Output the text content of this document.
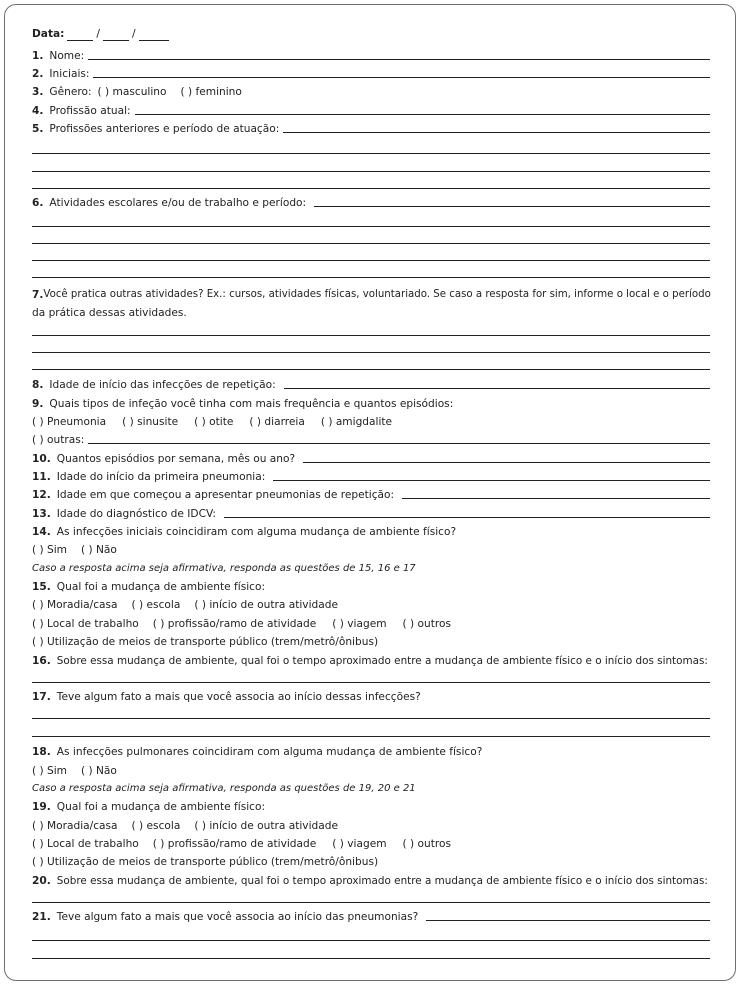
Data:	/	/
1. Nome:
2. Iniciais:
3. Gênero: ( ) masculino ( ) feminino
4. Profissão atual:
5. Profissões anteriores e período de atuação:
6. Atividades escolares e/ou de trabalho e período:
7. Você pratica outras atividades? Ex.: cursos, atividades físicas, voluntariado. Se caso a resposta for sim, informe o local e o período
da prática dessas atividades.
8. Idade de início das infecções de repetição:
9. Quais tipos de infeção você tinha com mais frequência e quantos episódios:
( ) Pneumonia ( ) sinusite ( ) otite ( ) diarreia ( ) amigdalite
( ) outras:
10. Quantos episódios por semana, mês ou ano?
11. Idade do início da primeira pneumonia:
12. Idade em que começou a apresentar pneumonias de repetição:
13. Idade do diagnóstico de IDCV:
14. As infecções iniciais coincidiram com alguma mudança de ambiente físico?
( ) Sim ( ) Não
Caso a resposta acima seja afirmativa, responda as questões de 15, 16 e 17
15. Qual foi a mudança de ambiente físico:
( ) Moradia/casa ( ) escola ( ) início de outra atividade
( ) Local de trabalho ( ) profissão/ramo de atividade ( ) viagem ( ) outros
( ) Utilização de meios de transporte público (trem/metrô/ônibus)
16. Sobre essa mudança de ambiente, qual foi o tempo aproximado entre a mudança de ambiente físico e o início dos sintomas:
17. Teve algum fato a mais que você associa ao início dessas infecções?
18. As infecções pulmonares coincidiram com alguma mudança de ambiente físico?
( ) Sim ( ) Não
Caso a resposta acima seja afirmativa, responda as questões de 19, 20 e 21
19. Qual foi a mudança de ambiente físico:
( ) Moradia/casa ( ) escola ( ) início de outra atividade
( ) Local de trabalho ( ) profissão/ramo de atividade ( ) viagem ( ) outros
( ) Utilização de meios de transporte público (trem/metrô/ônibus)
20. Sobre essa mudança de ambiente, qual foi o tempo aproximado entre a mudança de ambiente físico e o início dos sintomas:
21. Teve algum fato a mais que você associa ao início das pneumonias?
